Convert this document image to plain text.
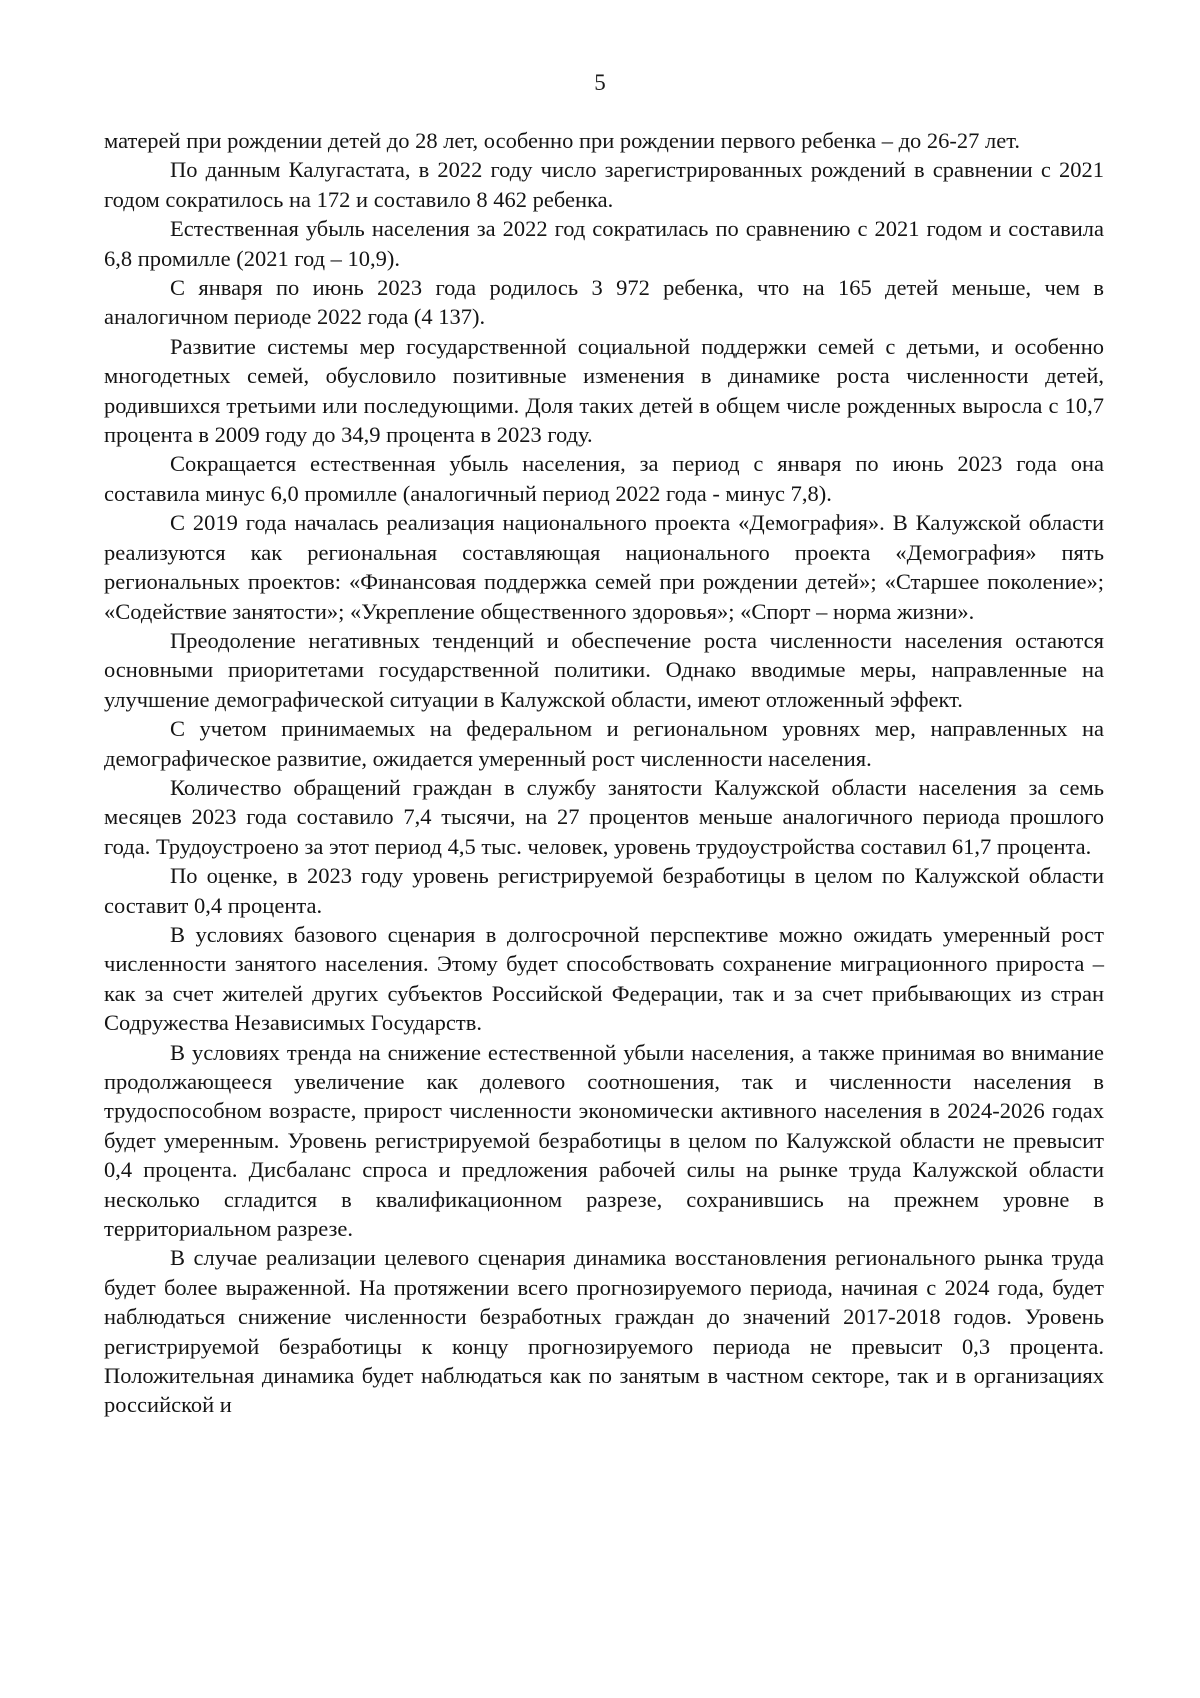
5

матерей при рождении детей до 28 лет, особенно при рождении первого ребенка – до 26-27 лет.

По данным Калугастата, в 2022 году число зарегистрированных рождений в сравнении с 2021 годом сократилось на 172 и составило 8 462 ребенка.

Естественная убыль населения за 2022 год сократилась по сравнению с 2021 годом и составила 6,8 промилле (2021 год – 10,9).

С января по июнь 2023 года родилось 3 972 ребенка, что на 165 детей меньше, чем в аналогичном периоде 2022 года (4 137).

Развитие системы мер государственной социальной поддержки семей с детьми, и особенно многодетных семей, обусловило позитивные изменения в динамике роста численности детей, родившихся третьими или последующими. Доля таких детей в общем числе рожденных выросла с 10,7 процента в 2009 году до 34,9 процента в 2023 году.

Сокращается естественная убыль населения, за период с января по июнь 2023 года она составила минус 6,0 промилле (аналогичный период 2022 года - минус 7,8).

С 2019 года началась реализация национального проекта «Демография». В Калужской области реализуются как региональная составляющая национального проекта «Демография» пять региональных проектов: «Финансовая поддержка семей при рождении детей»; «Старшее поколение»; «Содействие занятости»; «Укрепление общественного здоровья»; «Спорт – норма жизни».

Преодоление негативных тенденций и обеспечение роста численности населения остаются основными приоритетами государственной политики. Однако вводимые меры, направленные на улучшение демографической ситуации в Калужской области, имеют отложенный эффект.

С учетом принимаемых на федеральном и региональном уровнях мер, направленных на демографическое развитие, ожидается умеренный рост численности населения.

Количество обращений граждан в службу занятости Калужской области населения за семь месяцев 2023 года составило 7,4 тысячи, на 27 процентов меньше аналогичного периода прошлого года. Трудоустроено за этот период 4,5 тыс. человек, уровень трудоустройства составил 61,7 процента.

По оценке, в 2023 году уровень регистрируемой безработицы в целом по Калужской области составит 0,4 процента.

В условиях базового сценария в долгосрочной перспективе можно ожидать умеренный рост численности занятого населения. Этому будет способствовать сохранение миграционного прироста – как за счет жителей других субъектов Российской Федерации, так и за счет прибывающих из стран Содружества Независимых Государств.

В условиях тренда на снижение естественной убыли населения, а также принимая во внимание продолжающееся увеличение как долевого соотношения, так и численности населения в трудоспособном возрасте, прирост численности экономически активного населения в 2024-2026 годах будет умеренным. Уровень регистрируемой безработицы в целом по Калужской области не превысит 0,4 процента. Дисбаланс спроса и предложения рабочей силы на рынке труда Калужской области несколько сгладится в квалификационном разрезе, сохранившись на прежнем уровне в территориальном разрезе.

В случае реализации целевого сценария динамика восстановления регионального рынка труда будет более выраженной. На протяжении всего прогнозируемого периода, начиная с 2024 года, будет наблюдаться снижение численности безработных граждан до значений 2017-2018 годов. Уровень регистрируемой безработицы к концу прогнозируемого периода не превысит 0,3 процента. Положительная динамика будет наблюдаться как по занятым в частном секторе, так и в организациях российской и
